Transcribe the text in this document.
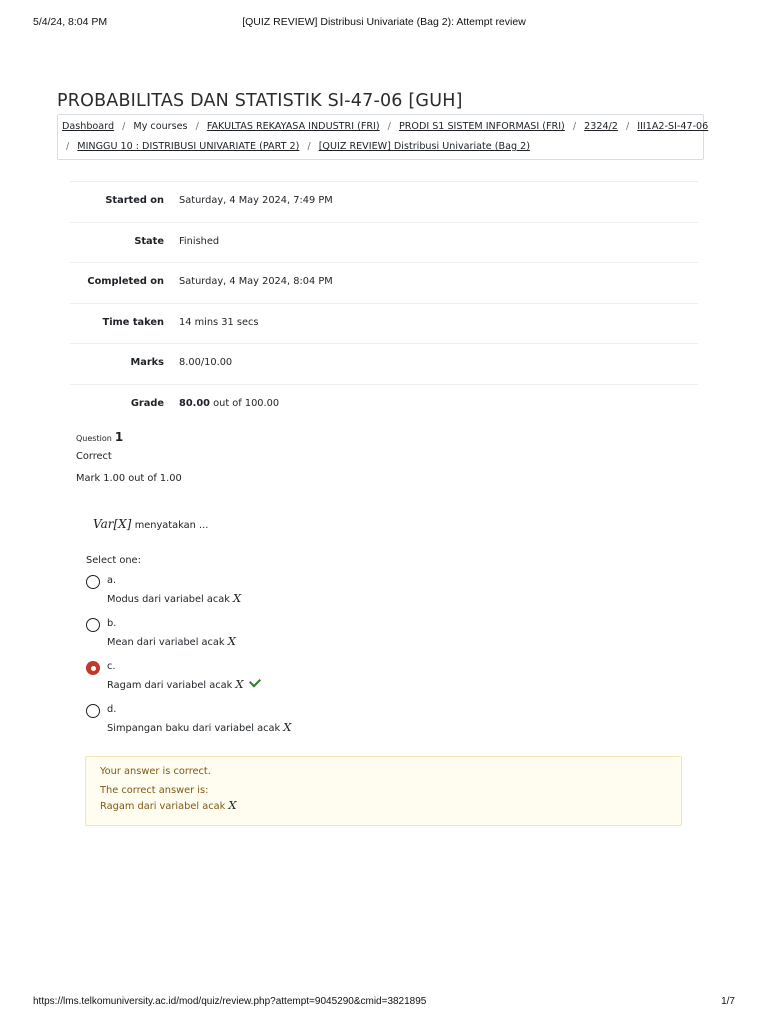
5/4/24, 8:04 PM	[QUIZ REVIEW] Distribusi Univariate (Bag 2): Attempt review
PROBABILITAS DAN STATISTIK SI-47-06 [GUH]
Dashboard / My courses / FAKULTAS REKAYASA INDUSTRI (FRI) / PRODI S1 SISTEM INFORMASI (FRI) / 2324/2 / III1A2-SI-47-06
/ MINGGU 10 : DISTRIBUSI UNIVARIATE (PART 2) / [QUIZ REVIEW] Distribusi Univariate (Bag 2)
Started on Saturday, 4 May 2024, 7:49 PM
State Finished
Completed on Saturday, 4 May 2024, 8:04 PM
Time taken 14 mins 31 secs
Marks 8.00/10.00
Grade 80.00 out of 100.00
Question 1
Correct
Mark 1.00 out of 1.00
Var[X] menyatakan ...
Select one:
a.
Modus dari variabel acak X
b.
Mean dari variabel acak X
c.
Ragam dari variabel acak X
d.
Simpangan baku dari variabel acak X
Your answer is correct.
The correct answer is:
Ragam dari variabel acak X
https://lms.telkomuniversity.ac.id/mod/quiz/review.php?attempt=9045290&cmid=3821895	1/7
